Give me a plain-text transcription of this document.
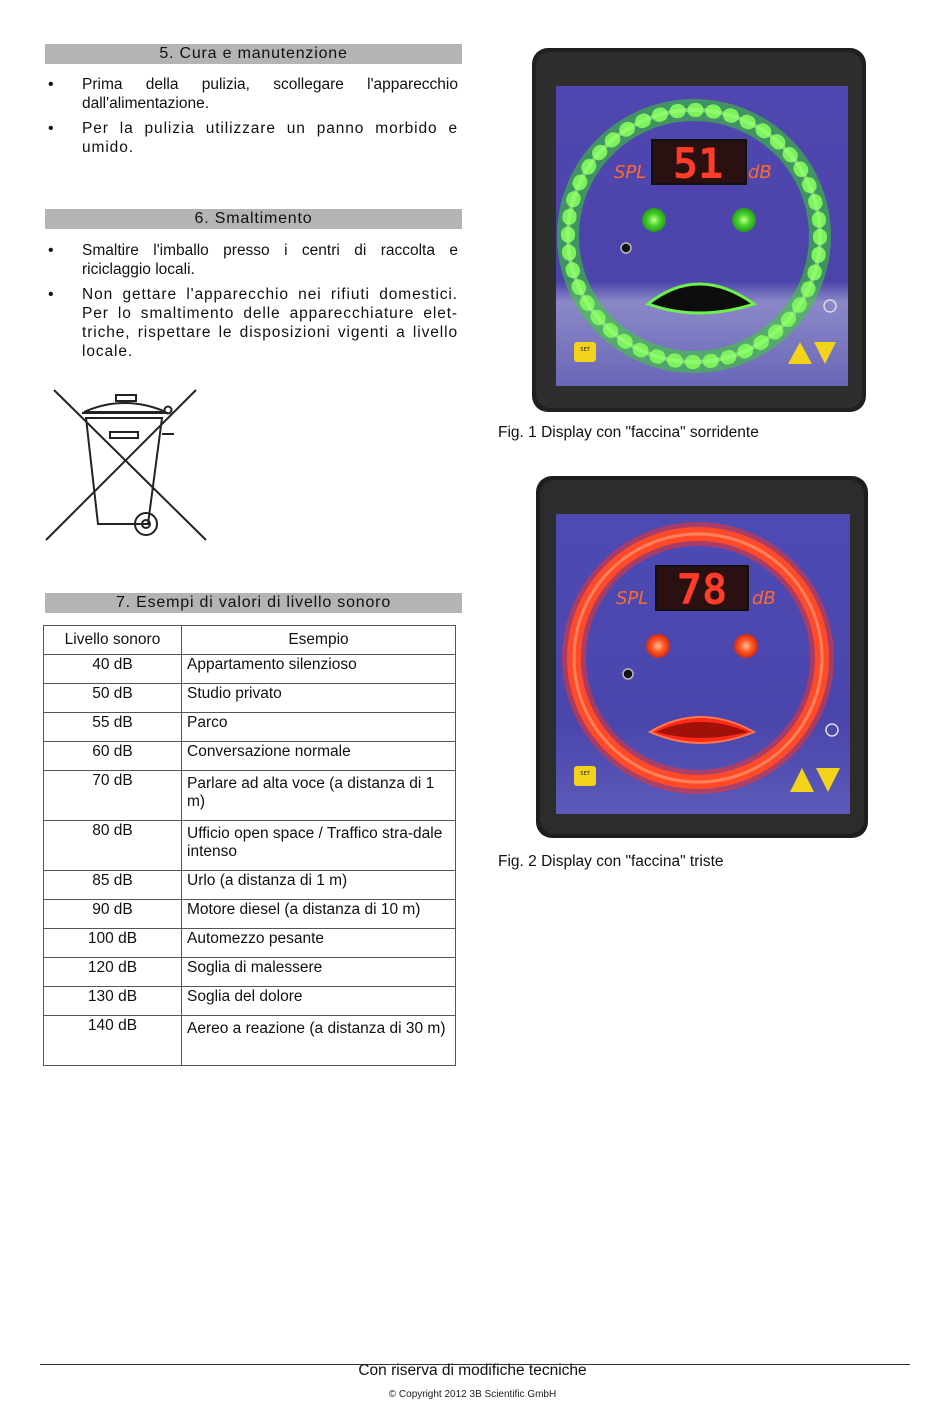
5. Cura e manutenzione
• Prima della pulizia, scollegare l'apparecchio dall'alimentazione.
• Per la pulizia utilizzare un panno morbido e umido.
6. Smaltimento
• Smaltire l'imballo presso i centri di raccolta e riciclaggio locali.
• Non gettare l'apparecchio nei rifiuti domestici. Per lo smaltimento delle apparecchiature elet-triche, rispettare le disposizioni vigenti a livello locale.
7. Esempi di valori di livello sonoro
Livello sonoro	Esempio
40 dB	Appartamento silenzioso
50 dB	Studio privato
55 dB	Parco
60 dB	Conversazione normale
70 dB	Parlare ad alta voce (a distanza di 1 m)
80 dB	Ufficio open space / Traffico stra-dale intenso
85 dB	Urlo (a distanza di 1 m)
90 dB	Motore diesel (a distanza di 10 m)
100 dB	Automezzo pesante
120 dB	Soglia di malessere
130 dB	Soglia del dolore
140 dB	Aereo a reazione (a distanza di 30 m)
51
SPL	dB
SET
Fig. 1 Display con "faccina" sorridente
78
SPL	dB
SET
Fig. 2 Display con "faccina" triste
Con riserva di modifiche tecniche
© Copyright 2012 3B Scientific GmbH
